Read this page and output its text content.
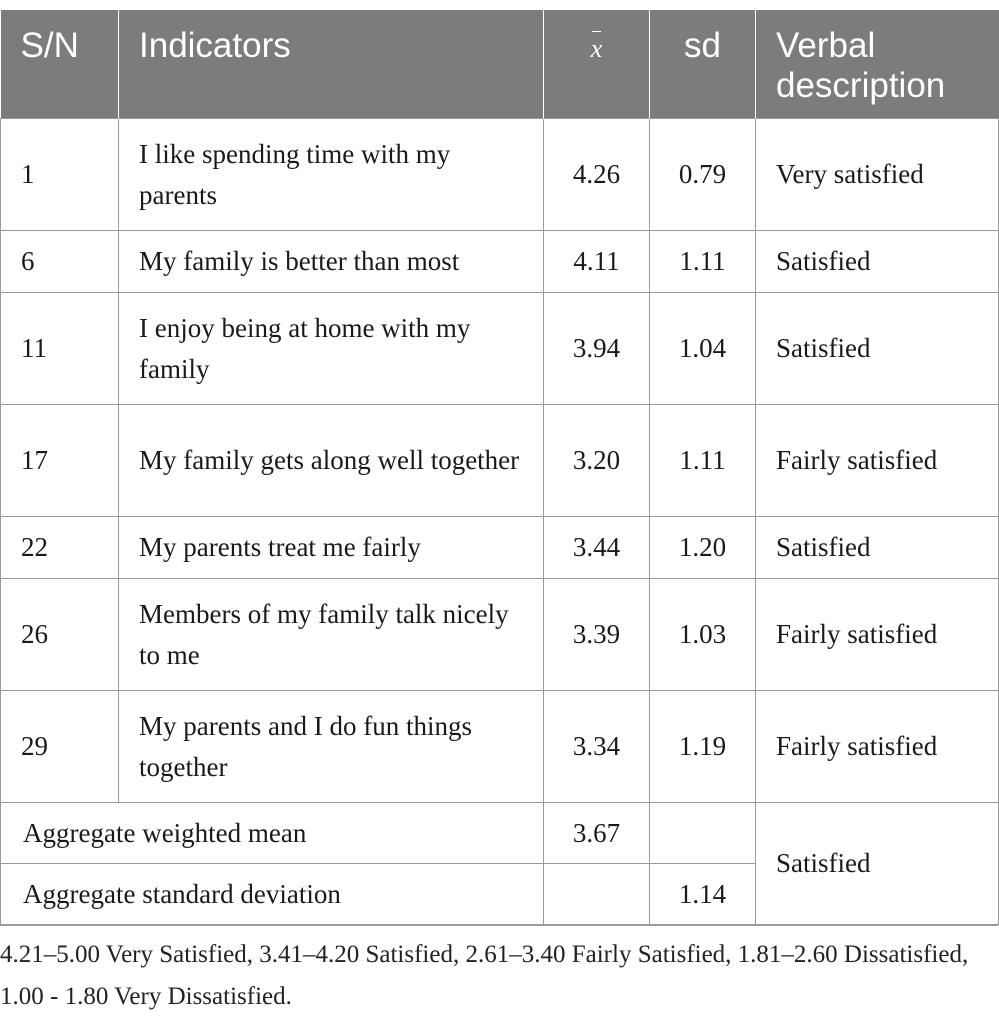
S/N	Indicators	x	sd	Verbal description
1	I like spending time with my parents	4.26	0.79	Very satisfied
6	My family is better than most	4.11	1.11	Satisfied
11	I enjoy being at home with my family	3.94	1.04	Satisfied
17	My family gets along well together	3.20	1.11	Fairly satisfied
22	My parents treat me fairly	3.44	1.20	Satisfied
26	Members of my family talk nicely to me	3.39	1.03	Fairly satisfied
29	My parents and I do fun things together	3.34	1.19	Fairly satisfied
Aggregate weighted mean		3.67		Satisfied
Aggregate standard deviation			1.14	
4.21–5.00 Very Satisfied, 3.41–4.20 Satisfied, 2.61–3.40 Fairly Satisfied, 1.81–2.60 Dissatisfied, 1.00 - 1.80 Very Dissatisfied.
